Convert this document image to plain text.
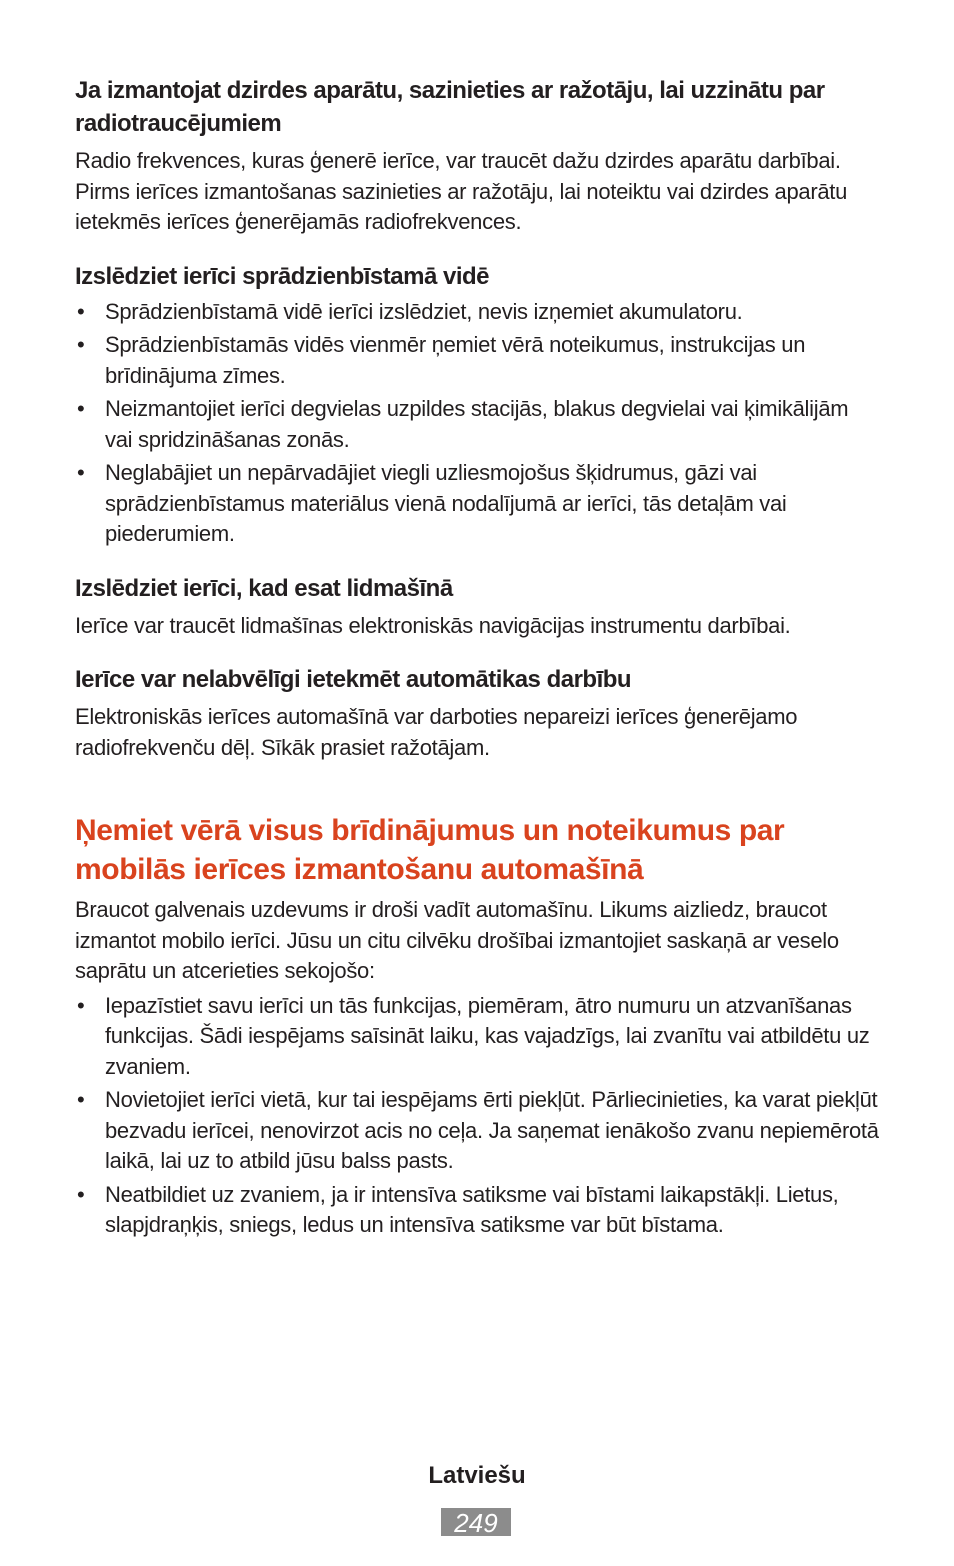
Ja izmantojat dzirdes aparātu, sazinieties ar ražotāju, lai uzzinātu par radiotraucējumiem

Radio frekvences, kuras ģenerē ierīce, var traucēt dažu dzirdes aparātu darbībai. Pirms ierīces izmantošanas sazinieties ar ražotāju, lai noteiktu vai dzirdes aparātu ietekmēs ierīces ģenerējamās radiofrekvences.

Izslēdziet ierīci sprādzienbīstamā vidē

• Sprādzienbīstamā vidē ierīci izslēdziet, nevis izņemiet akumulatoru.
• Sprādzienbīstamās vidēs vienmēr ņemiet vērā noteikumus, instrukcijas un brīdinājuma zīmes.
• Neizmantojiet ierīci degvielas uzpildes stacijās, blakus degvielai vai ķimikālijām vai spridzināšanas zonās.
• Neglabājiet un nepārvadājiet viegli uzliesmojošus šķidrumus, gāzi vai sprādzienbīstamus materiālus vienā nodalījumā ar ierīci, tās detaļām vai piederumiem.

Izslēdziet ierīci, kad esat lidmašīnā

Ierīce var traucēt lidmašīnas elektroniskās navigācijas instrumentu darbībai.

Ierīce var nelabvēlīgi ietekmēt automātikas darbību

Elektroniskās ierīces automašīnā var darboties nepareizi ierīces ģenerējamo radiofrekvenču dēļ. Sīkāk prasiet ražotājam.

Ņemiet vērā visus brīdinājumus un noteikumus par mobilās ierīces izmantošanu automašīnā

Braucot galvenais uzdevums ir droši vadīt automašīnu. Likums aizliedz, braucot izmantot mobilo ierīci. Jūsu un citu cilvēku drošībai izmantojiet saskaņā ar veselo saprātu un atcerieties sekojošo:

• Iepazīstiet savu ierīci un tās funkcijas, piemēram, ātro numuru un atzvanīšanas funkcijas. Šādi iespējams saīsināt laiku, kas vajadzīgs, lai zvanītu vai atbildētu uz zvaniem.
• Novietojiet ierīci vietā, kur tai iespējams ērti piekļūt. Pārliecinieties, ka varat piekļūt bezvadu ierīcei, nenovirzot acis no ceļa. Ja saņemat ienākošo zvanu nepiemērotā laikā, lai uz to atbild jūsu balss pasts.
• Neatbildiet uz zvaniem, ja ir intensīva satiksme vai bīstami laikapstākļi. Lietus, slapjdraņķis, sniegs, ledus un intensīva satiksme var būt bīstama.
Latviešu
249
